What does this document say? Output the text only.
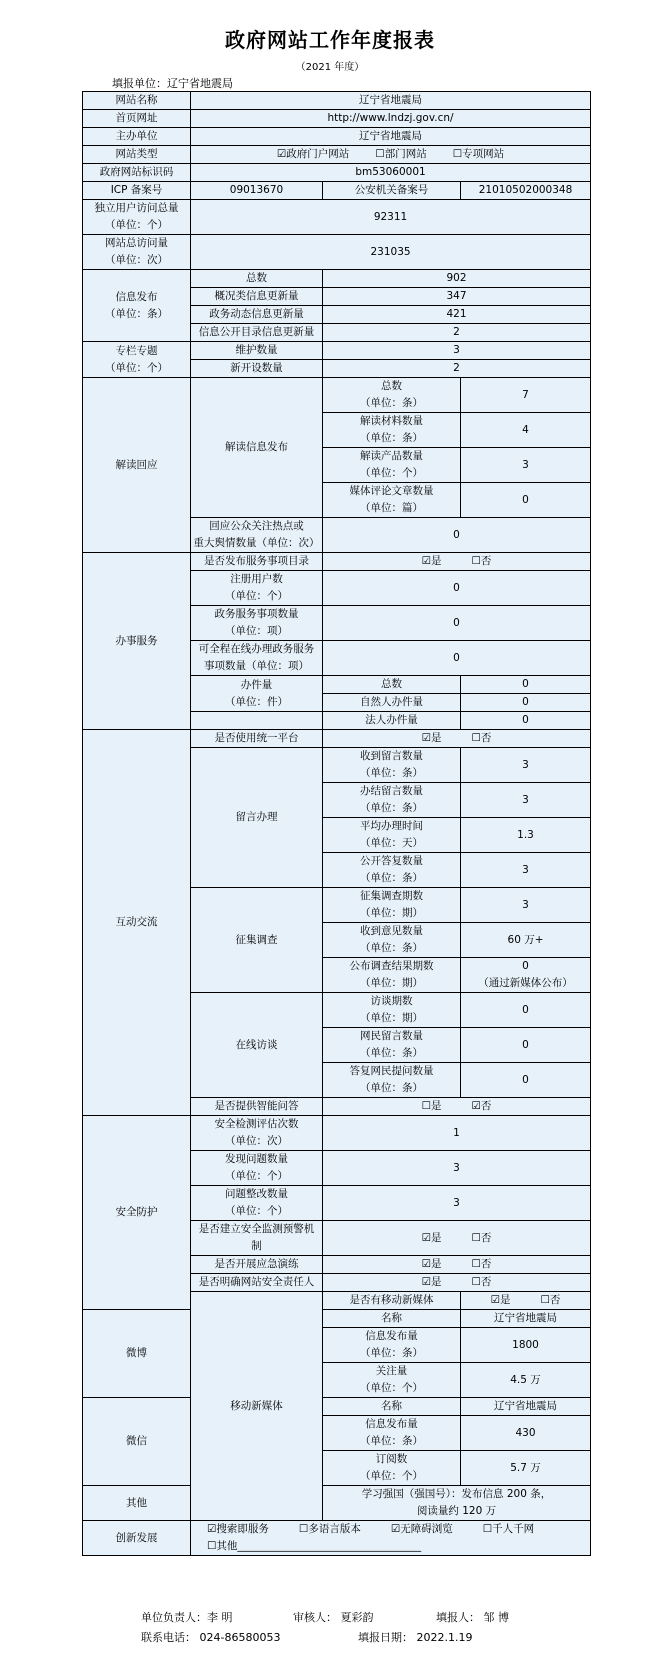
政府网站工作年度报表
（2021 年度）
填报单位：辽宁省地震局
网站名称	辽宁省地震局		
首页网址	http://www.lndzj.gov.cn/		
主办单位	辽宁省地震局		
网站类型	☑政府门户网站 ☐部门网站 ☐专项网站		

政府网站标识码	bm53060001		
ICP 备案号	09013670	公安机关备案号	21010502000348
独立用户访问总量
（单位：个）	92311		
网站总访问量
（单位：次）	231035		
信息发布
（单位：条）	总数	902	
	概况类信息更新量	347	
	政务动态信息更新量	421	
	信息公开目录信息更新量	2	
专栏专题
（单位：个）	维护数量	3	
	新开设数量	2	
解读回应	解读信息发布	总数
（单位：条）	7
		解读材料数量
（单位：条）	4
		解读产品数量
（单位：个）	3
		媒体评论文章数量
（单位：篇）	0
	回应公众关注热点或
重大舆情数量（单位：次）	0	
办事服务	是否发布服务事项目录	☑是 ☐否	

	注册用户数
（单位：个）	0	
	政务服务事项数量
（单位：项）	0	
	可全程在线办理政务服务
事项数量（单位：项）	0	
	办件量
（单位：件）	总数	0
		自然人办件量	0
		法人办件量	0
互动交流	是否使用统一平台	☑是 ☐否	

	留言办理	收到留言数量
（单位：条）	3
		办结留言数量
（单位：条）	3
		平均办理时间
（单位：天）	1.3
		公开答复数量
（单位：条）	3
	征集调查	征集调查期数
（单位：期）	3
		收到意见数量
（单位：条）	60 万+
		公布调查结果期数
（单位：期）	0
（通过新媒体公布）
	在线访谈	访谈期数
（单位：期）	0
		网民留言数量
（单位：条）	0
		答复网民提问数量
（单位：条）	0
	是否提供智能问答	☐是 ☑否	

安全防护	安全检测评估次数
（单位：次）	1	
	发现问题数量
（单位：个）	3	
	问题整改数量
（单位：个）	3	
	是否建立安全监测预警机
制	☑是 ☐否	

	是否开展应急演练	☑是 ☐否	

	是否明确网站安全责任人	☑是 ☐否	

	移动新媒体	是否有移动新媒体	☑是 ☐否

微博		名称	辽宁省地震局
		信息发布量
（单位：条）	1800
		关注量
（单位：个）	4.5 万
微信		名称	辽宁省地震局
		信息发布量
（单位：条）	430
		订阅数
（单位：个）	5.7 万
其他		学习强国（强国号）：发布信息 200 条，
阅读量约 120 万	
创新发展	☑搜索即服务 ☐多语言版本 ☑无障碍浏览 ☐千人千网
☐其他___________________________________		
单位负责人：李 明	审核人： 夏彩韵	填报人： 邹 博
联系电话： 024-86580053	填报日期： 2022.1.19
